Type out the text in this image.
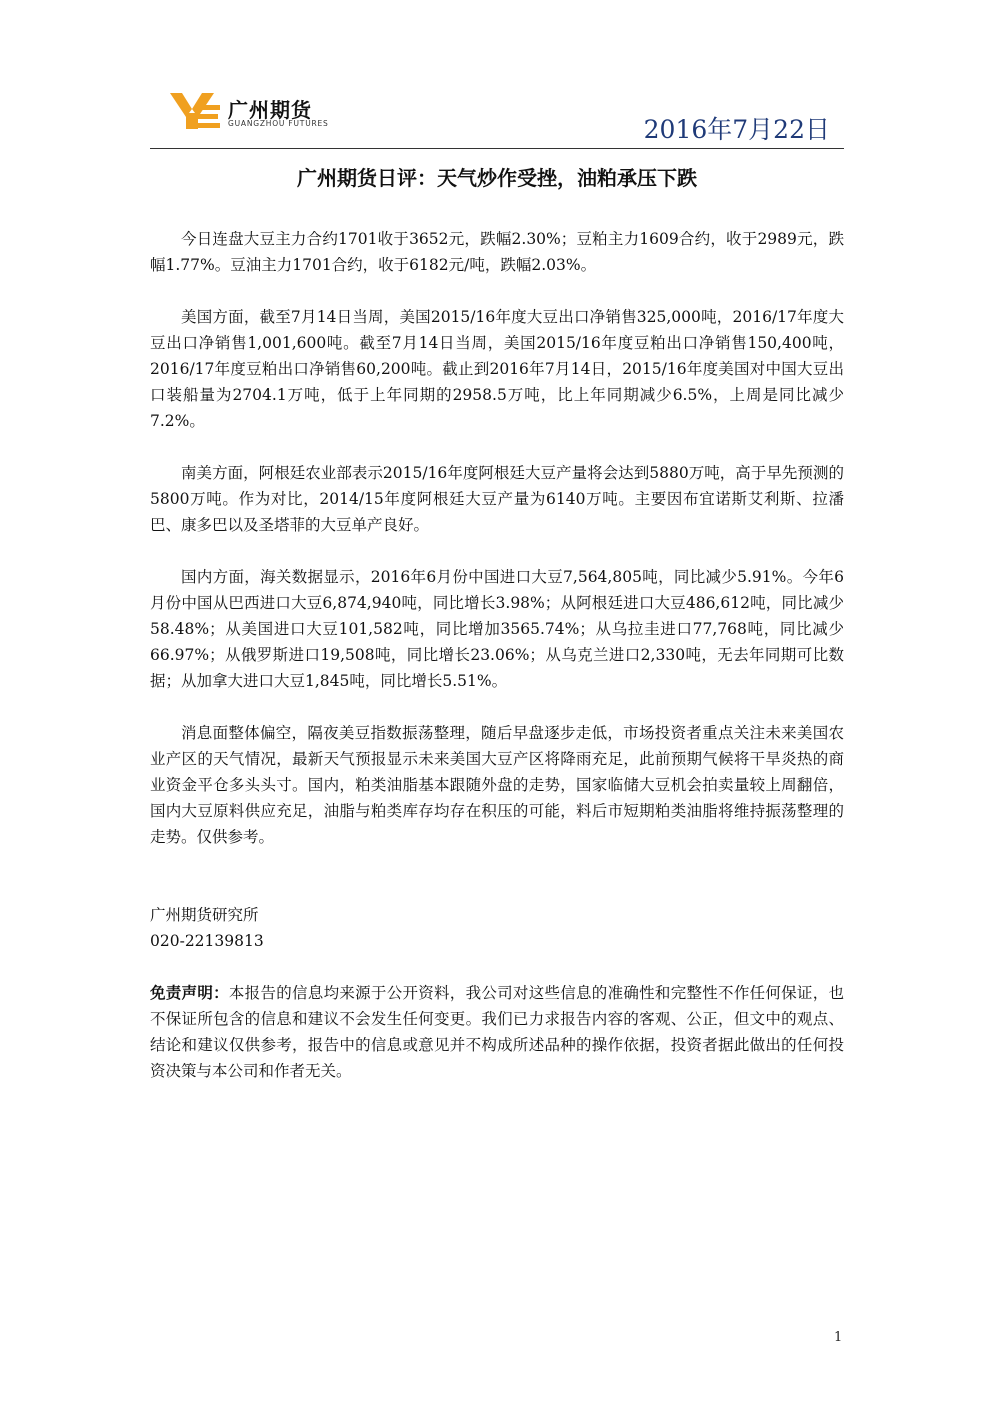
广州期货
GUANGZHOU FUTURES	2016年7月22日
广州期货日评：天气炒作受挫，油粕承压下跌

今日连盘大豆主力合约1701收于3652元，跌幅2.30%；豆粕主力1609合约，收于2989元，跌幅1.77%。豆油主力1701合约，收于6182元/吨，跌幅2.03%。

美国方面，截至7月14日当周，美国2015/16年度大豆出口净销售325,000吨，2016/17年度大豆出口净销售1,001,600吨。截至7月14日当周，美国2015/16年度豆粕出口净销售150,400吨，2016/17年度豆粕出口净销售60,200吨。截止到2016年7月14日，2015/16年度美国对中国大豆出口装船量为2704.1万吨，低于上年同期的2958.5万吨，比上年同期减少6.5%，上周是同比减少7.2%。

南美方面，阿根廷农业部表示2015/16年度阿根廷大豆产量将会达到5880万吨，高于早先预测的5800万吨。作为对比，2014/15年度阿根廷大豆产量为6140万吨。主要因布宜诺斯艾利斯、拉潘巴、康多巴以及圣塔菲的大豆单产良好。

国内方面，海关数据显示，2016年6月份中国进口大豆7,564,805吨，同比减少5.91%。今年6月份中国从巴西进口大豆6,874,940吨，同比增长3.98%；从阿根廷进口大豆486,612吨，同比减少58.48%；从美国进口大豆101,582吨，同比增加3565.74%；从乌拉圭进口77,768吨，同比减少66.97%；从俄罗斯进口19,508吨，同比增长23.06%；从乌克兰进口2,330吨，无去年同期可比数据；从加拿大进口大豆1,845吨，同比增长5.51%。

消息面整体偏空，隔夜美豆指数振荡整理，随后早盘逐步走低，市场投资者重点关注未来美国农业产区的天气情况，最新天气预报显示未来美国大豆产区将降雨充足，此前预期气候将干旱炎热的商业资金平仓多头头寸。国内，粕类油脂基本跟随外盘的走势，国家临储大豆机会拍卖量较上周翻倍，国内大豆原料供应充足，油脂与粕类库存均存在积压的可能，料后市短期粕类油脂将维持振荡整理的走势。仅供参考。

广州期货研究所
020-22139813
免责声明：本报告的信息均来源于公开资料，我公司对这些信息的准确性和完整性不作任何保证，也不保证所包含的信息和建议不会发生任何变更。我们已力求报告内容的客观、公正，但文中的观点、结论和建议仅供参考，报告中的信息或意见并不构成所述品种的操作依据，投资者据此做出的任何投资决策与本公司和作者无关。
1
